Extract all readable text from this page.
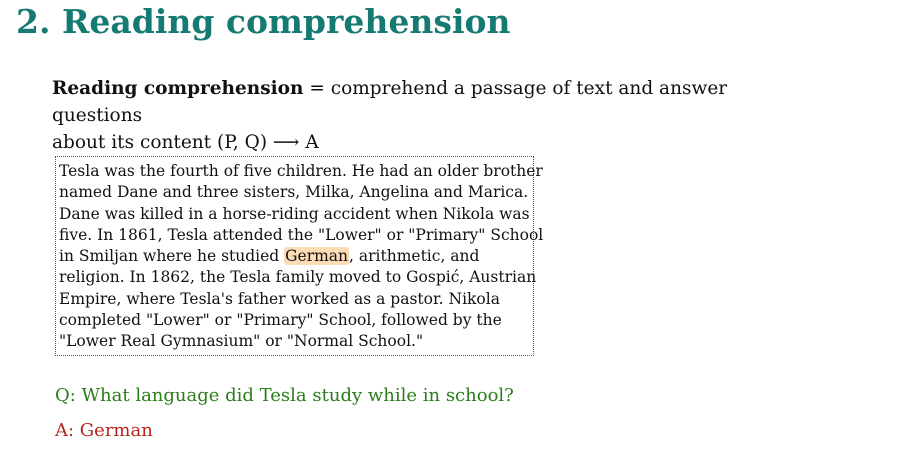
2. Reading comprehension
Reading comprehension = comprehend a passage of text and answer questions
about its content (P, Q) ⟶ A
Tesla was the fourth of five children. He had an older brother
named Dane and three sisters, Milka, Angelina and Marica.
Dane was killed in a horse-riding accident when Nikola was
five. In 1861, Tesla attended the "Lower" or "Primary" School
in Smiljan where he studied German, arithmetic, and
religion. In 1862, the Tesla family moved to Gospić, Austrian
Empire, where Tesla's father worked as a pastor. Nikola
completed "Lower" or "Primary" School, followed by the
"Lower Real Gymnasium" or "Normal School."
Q: What language did Tesla study while in school?
A: German
